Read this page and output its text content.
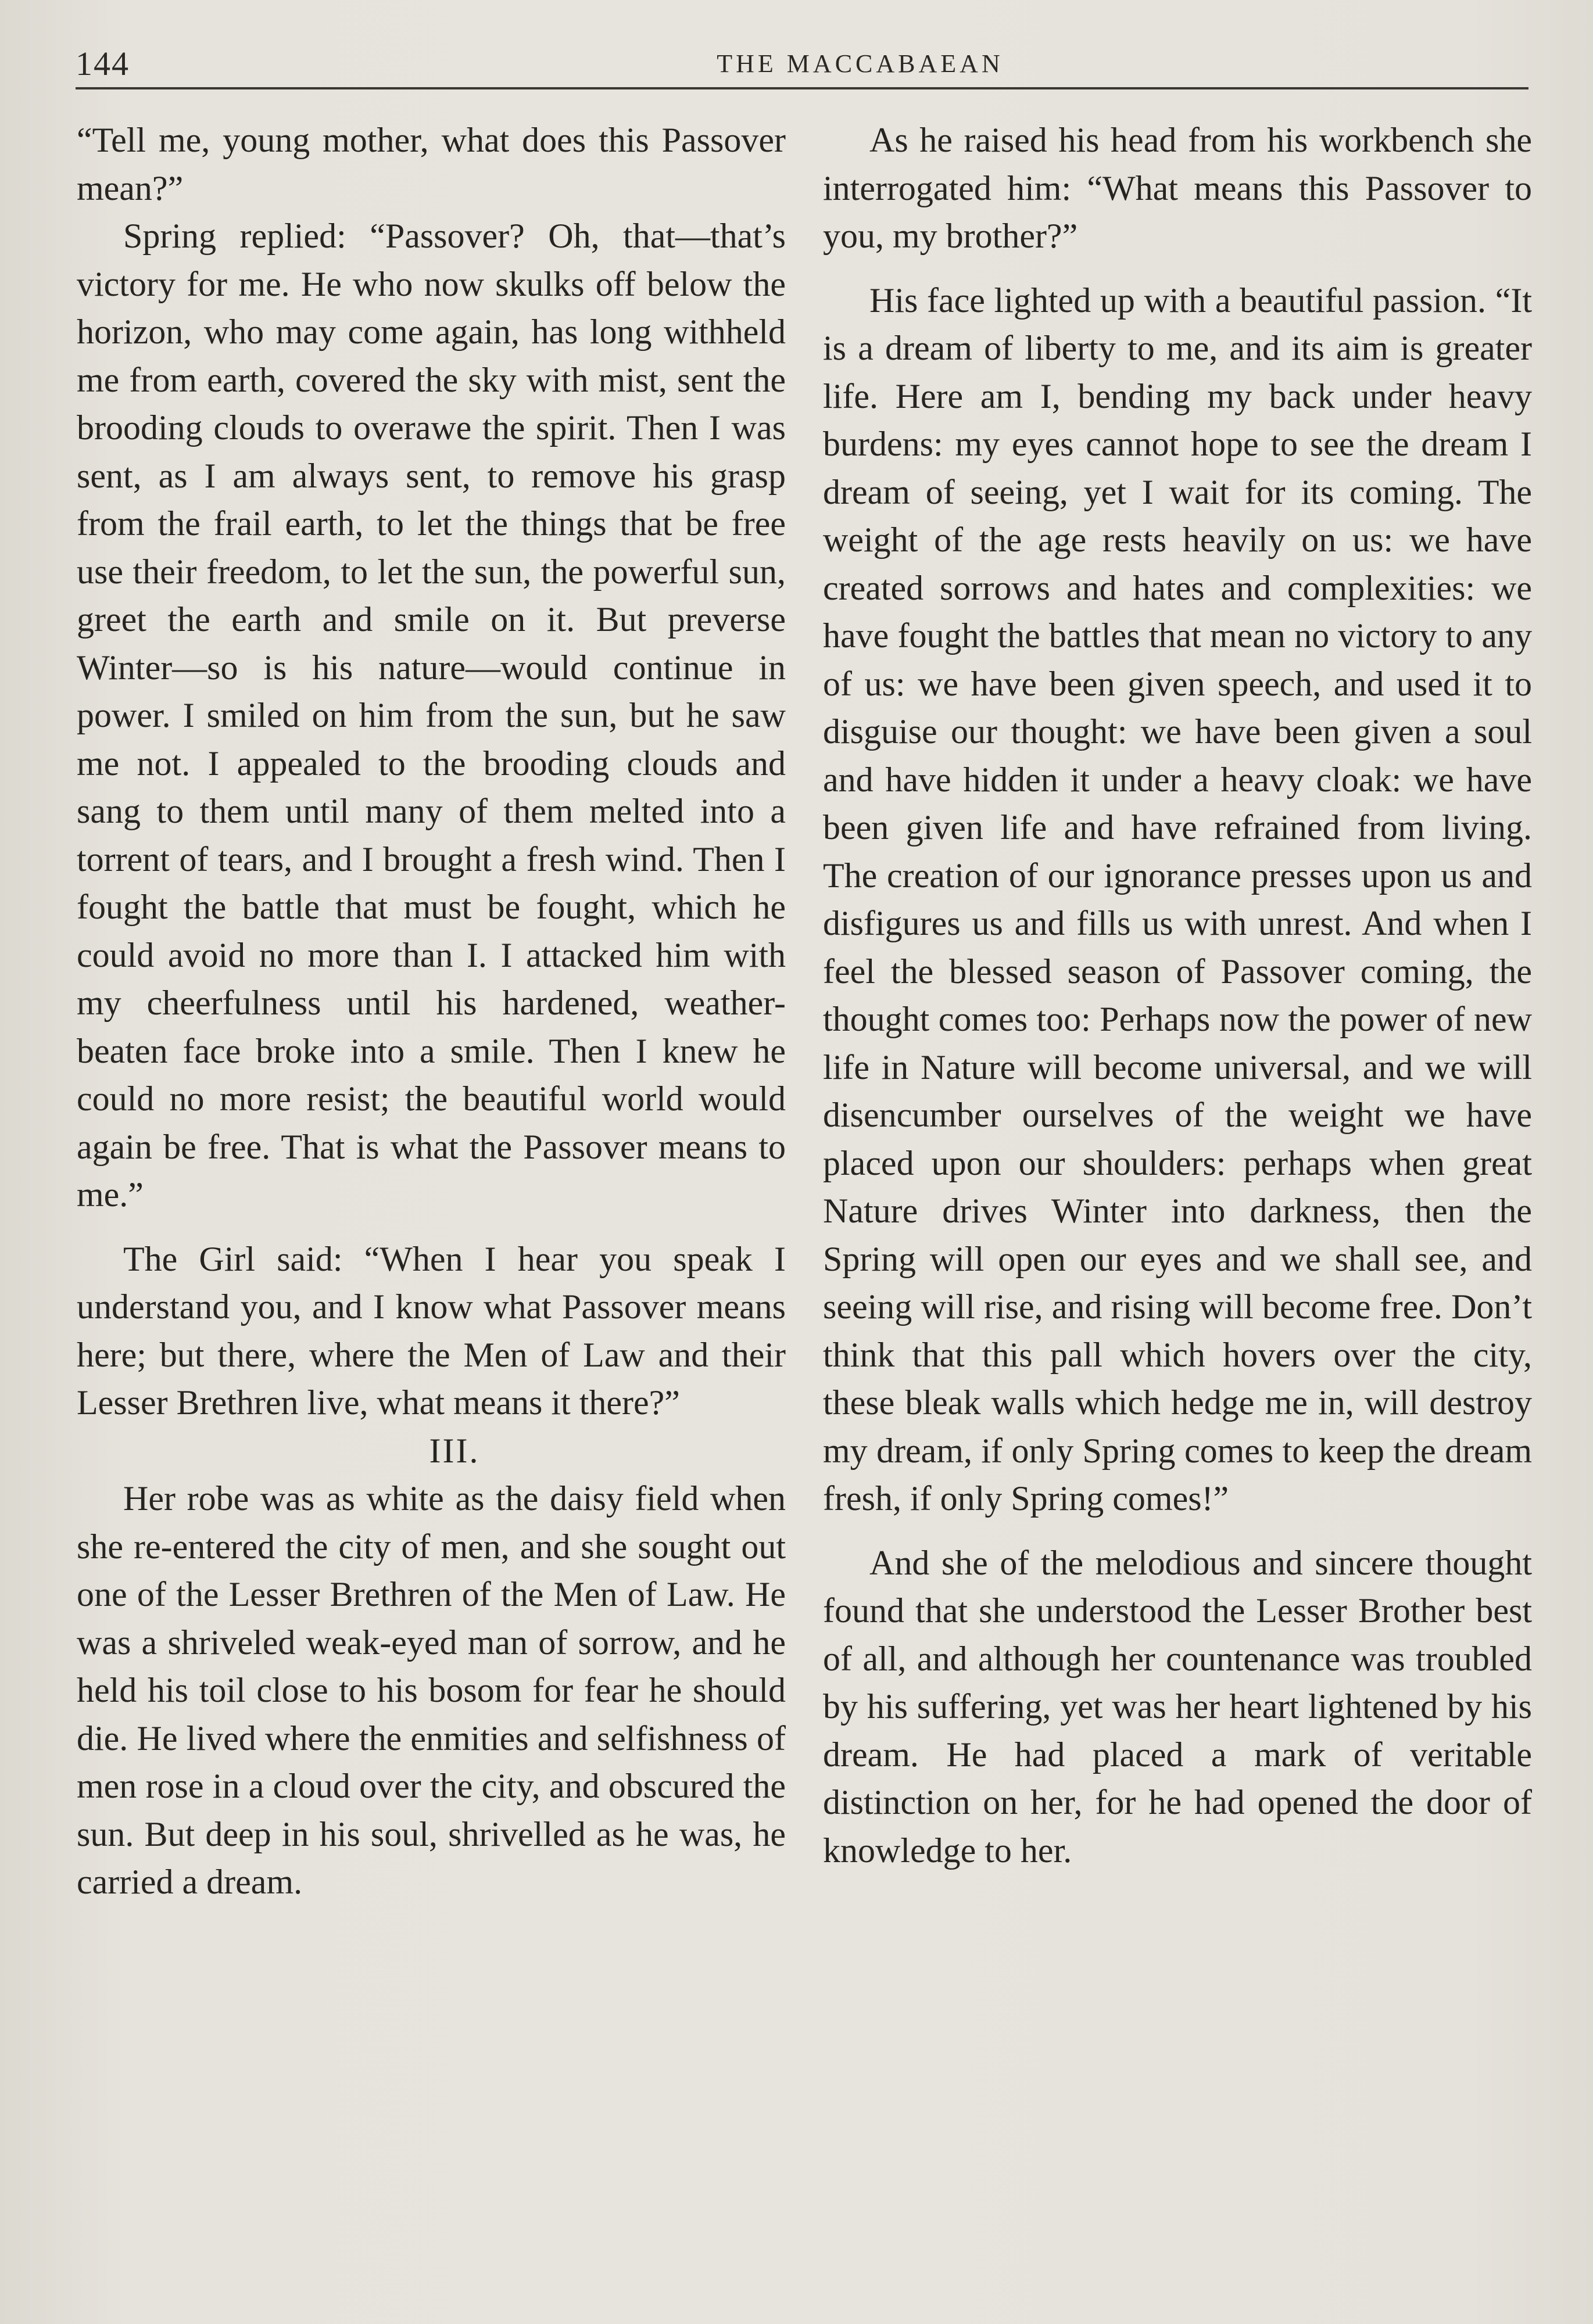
144	THE MACCABAEAN

“Tell me, young mother, what does this Passover mean?”

Spring replied: “Passover? Oh, that—that’s victory for me. He who now skulks off below the horizon, who may come again, has long withheld me from earth, covered the sky with mist, sent the brooding clouds to overawe the spirit. Then I was sent, as I am always sent, to remove his grasp from the frail earth, to let the things that be free use their freedom, to let the sun, the powerful sun, greet the earth and smile on it. But preverse Winter—so is his nature—would continue in power. I smiled on him from the sun, but he saw me not. I appealed to the brooding clouds and sang to them until many of them melted into a torrent of tears, and I brought a fresh wind. Then I fought the battle that must be fought, which he could avoid no more than I. I attacked him with my cheerfulness until his hardened, weather-beaten face broke into a smile. Then I knew he could no more resist; the beautiful world would again be free. That is what the Passover means to me.”

The Girl said: “When I hear you speak I understand you, and I know what Passover means here; but there, where the Men of Law and their Lesser Brethren live, what means it there?”

III.

Her robe was as white as the daisy field when she re-entered the city of men, and she sought out one of the Lesser Brethren of the Men of Law. He was a shriveled weak-eyed man of sorrow, and he held his toil close to his bosom for fear he should die. He lived where the enmities and selfishness of men rose in a cloud over the city, and obscured the sun. But deep in his soul, shrivelled as he was, he carried a dream.

As he raised his head from his workbench she interrogated him: “What means this Passover to you, my brother?”

His face lighted up with a beautiful passion. “It is a dream of liberty to me, and its aim is greater life. Here am I, bending my back under heavy burdens: my eyes cannot hope to see the dream I dream of seeing, yet I wait for its coming. The weight of the age rests heavily on us: we have created sorrows and hates and complexities: we have fought the battles that mean no victory to any of us: we have been given speech, and used it to disguise our thought: we have been given a soul and have hidden it under a heavy cloak: we have been given life and have refrained from living. The creation of our ignorance presses upon us and disfigures us and fills us with unrest. And when I feel the blessed season of Passover coming, the thought comes too: Perhaps now the power of new life in Nature will become universal, and we will disencumber ourselves of the weight we have placed upon our shoulders: perhaps when great Nature drives Winter into darkness, then the Spring will open our eyes and we shall see, and seeing will rise, and rising will become free. Don’t think that this pall which hovers over the city, these bleak walls which hedge me in, will destroy my dream, if only Spring comes to keep the dream fresh, if only Spring comes!”

And she of the melodious and sincere thought found that she understood the Lesser Brother best of all, and although her countenance was troubled by his suffering, yet was her heart lightened by his dream. He had placed a mark of veritable distinction on her, for he had opened the door of knowledge to her.
